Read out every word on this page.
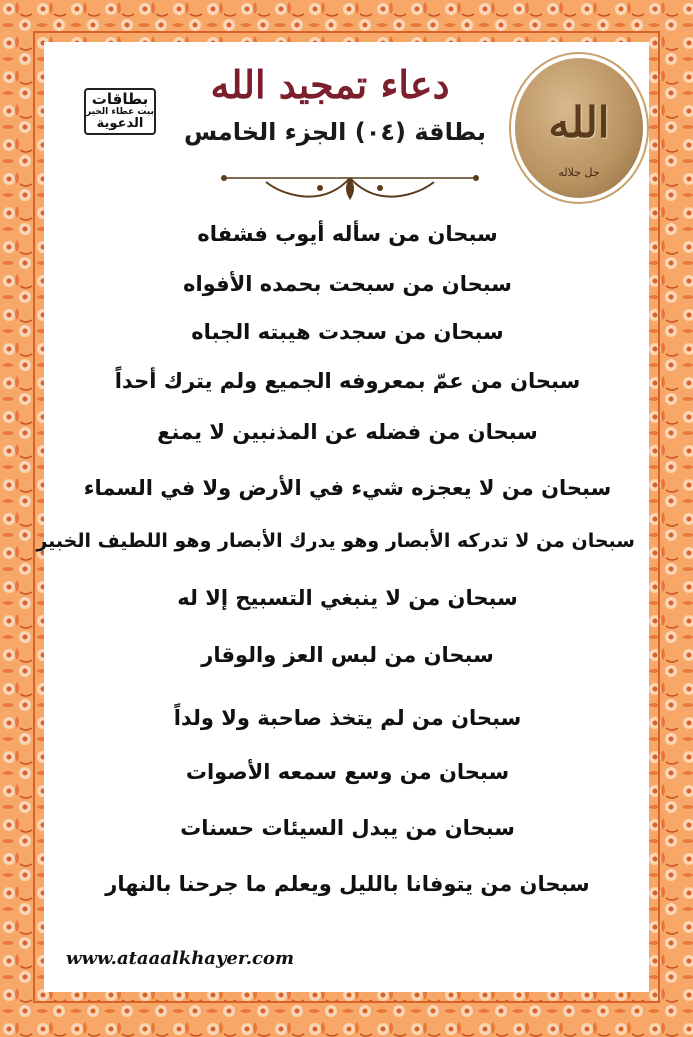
بطاقات
بيت عطاء الخير
الدعوية
دعاء تمجيد الله
بطاقة (٠٤) الجزء الخامس	الله
جل جلاله
سبحان من سأله أيوب فشفاه
سبحان من سبحت بحمده الأفواه
سبحان من سجدت هيبته الجباه
سبحان من عمّ بمعروفه الجميع ولم يترك أحداً
سبحان من فضله عن المذنبين لا يمنع
سبحان من لا يعجزه شيء في الأرض ولا في السماء
سبحان من لا تدركه الأبصار وهو يدرك الأبصار وهو اللطيف الخبير
سبحان من لا ينبغي التسبيح إلا له
سبحان من لبس العز والوقار
سبحان من لم يتخذ صاحبة ولا ولداً
سبحان من وسع سمعه الأصوات
سبحان من يبدل السيئات حسنات
سبحان من يتوفانا بالليل ويعلم ما جرحنا بالنهار
www.ataaalkhayer.com
